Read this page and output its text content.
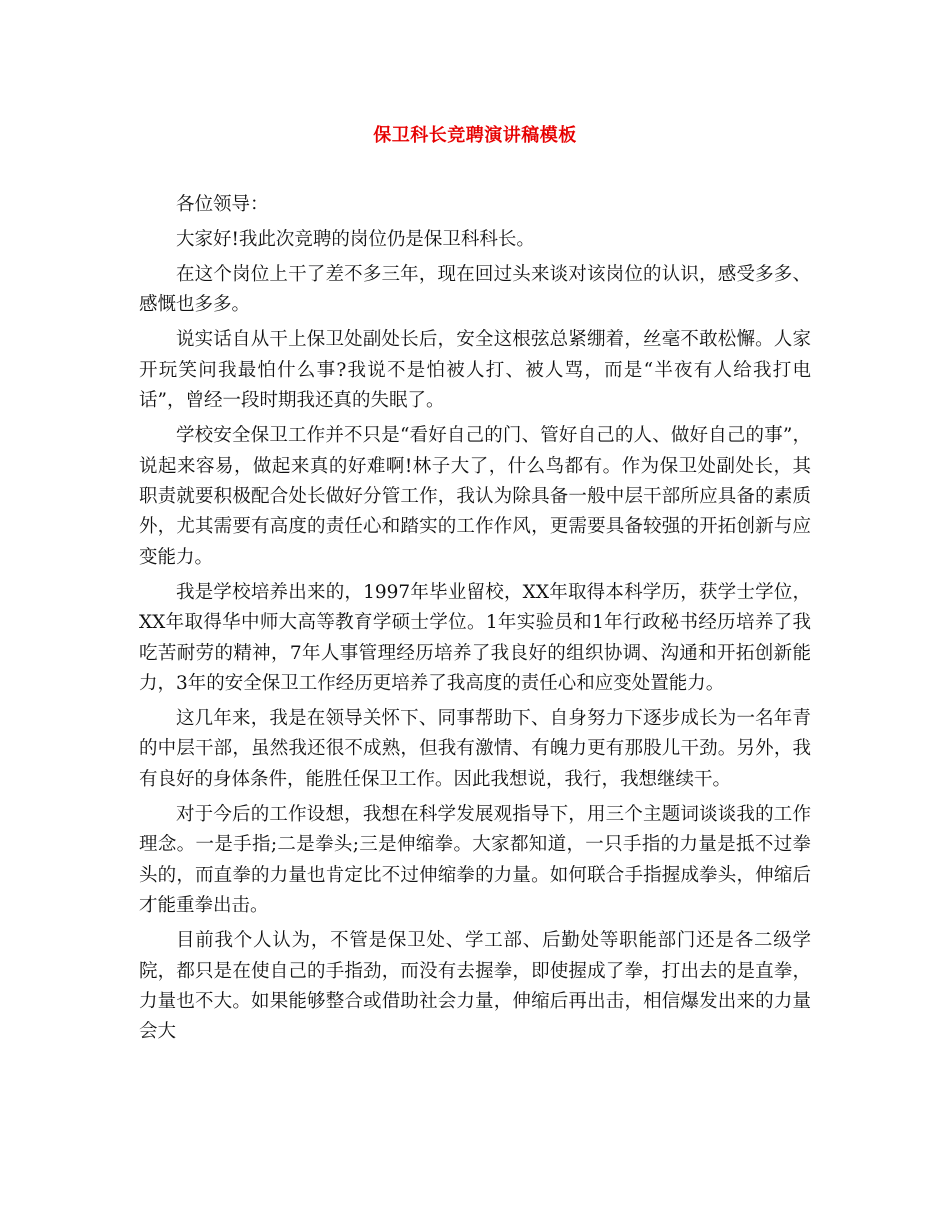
保卫科长竞聘演讲稿模板

各位领导：

大家好!我此次竞聘的岗位仍是保卫科科长。

在这个岗位上干了差不多三年，现在回过头来谈对该岗位的认识，感受多多、感慨也多多。

说实话自从干上保卫处副处长后，安全这根弦总紧绷着，丝毫不敢松懈。人家开玩笑问我最怕什么事?我说不是怕被人打、被人骂，而是“半夜有人给我打电话”，曾经一段时期我还真的失眠了。

学校安全保卫工作并不只是“看好自己的门、管好自己的人、做好自己的事”，说起来容易，做起来真的好难啊!林子大了，什么鸟都有。作为保卫处副处长，其职责就要积极配合处长做好分管工作，我认为除具备一般中层干部所应具备的素质外，尤其需要有高度的责任心和踏实的工作作风，更需要具备较强的开拓创新与应变能力。

我是学校培养出来的，1997年毕业留校，XX年取得本科学历，获学士学位，XX年取得华中师大高等教育学硕士学位。1年实验员和1年行政秘书经历培养了我吃苦耐劳的精神，7年人事管理经历培养了我良好的组织协调、沟通和开拓创新能力，3年的安全保卫工作经历更培养了我高度的责任心和应变处置能力。

这几年来，我是在领导关怀下、同事帮助下、自身努力下逐步成长为一名年青的中层干部，虽然我还很不成熟，但我有激情、有魄力更有那股儿干劲。另外，我有良好的身体条件，能胜任保卫工作。因此我想说，我行，我想继续干。

对于今后的工作设想，我想在科学发展观指导下，用三个主题词谈谈我的工作理念。一是手指;二是拳头;三是伸缩拳。大家都知道，一只手指的力量是抵不过拳头的，而直拳的力量也肯定比不过伸缩拳的力量。如何联合手指握成拳头，伸缩后才能重拳出击。

目前我个人认为，不管是保卫处、学工部、后勤处等职能部门还是各二级学院，都只是在使自己的手指劲，而没有去握拳，即使握成了拳，打出去的是直拳，力量也不大。如果能够整合或借助社会力量，伸缩后再出击，相信爆发出来的力量会大
